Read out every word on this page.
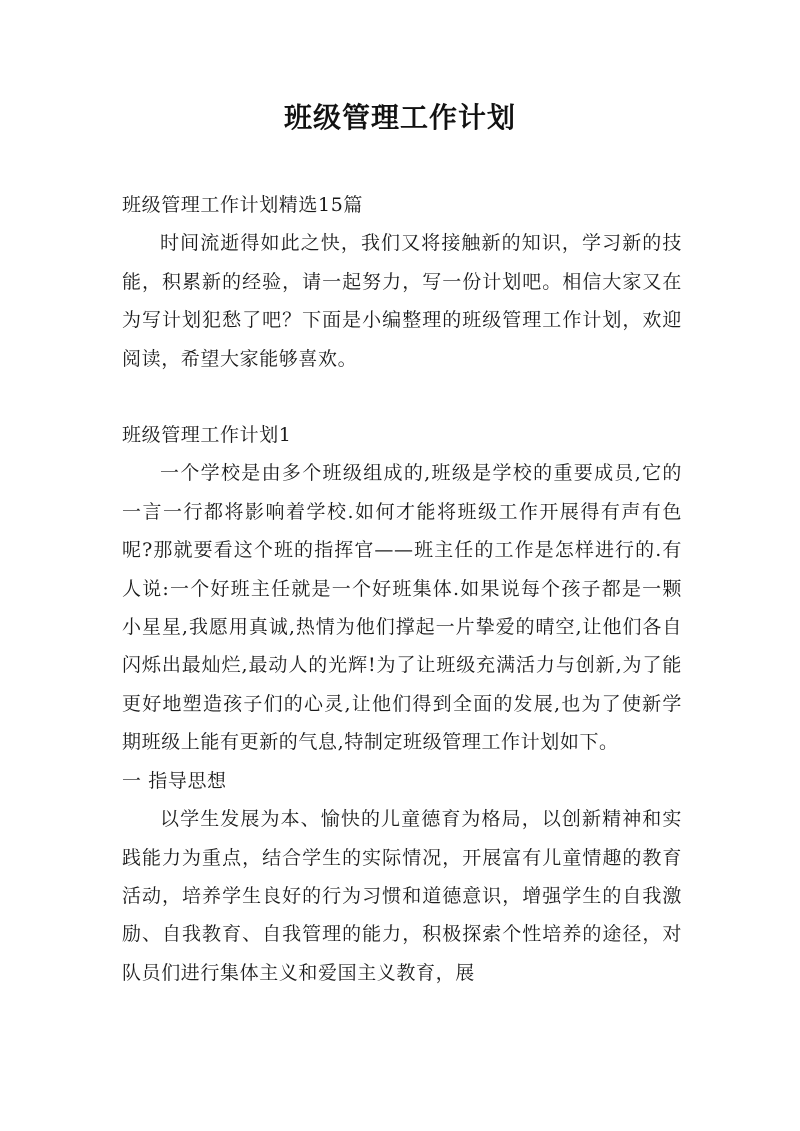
班级管理工作计划

班级管理工作计划精选15篇

时间流逝得如此之快，我们又将接触新的知识，学习新的技能，积累新的经验，请一起努力，写一份计划吧。相信大家又在为写计划犯愁了吧？下面是小编整理的班级管理工作计划，欢迎阅读，希望大家能够喜欢。

班级管理工作计划1

一个学校是由多个班级组成的,班级是学校的重要成员,它的一言一行都将影响着学校.如何才能将班级工作开展得有声有色呢?那就要看这个班的指挥官——班主任的工作是怎样进行的.有人说:一个好班主任就是一个好班集体.如果说每个孩子都是一颗小星星,我愿用真诚,热情为他们撑起一片挚爱的晴空,让他们各自闪烁出最灿烂,最动人的光辉!为了让班级充满活力与创新,为了能更好地塑造孩子们的心灵,让他们得到全面的发展,也为了使新学期班级上能有更新的气息,特制定班级管理工作计划如下。

一 指导思想

以学生发展为本、愉快的儿童德育为格局，以创新精神和实践能力为重点，结合学生的实际情况，开展富有儿童情趣的教育活动，培养学生良好的行为习惯和道德意识，增强学生的自我激励、自我教育、自我管理的能力，积极探索个性培养的途径，对队员们进行集体主义和爱国主义教育，展
